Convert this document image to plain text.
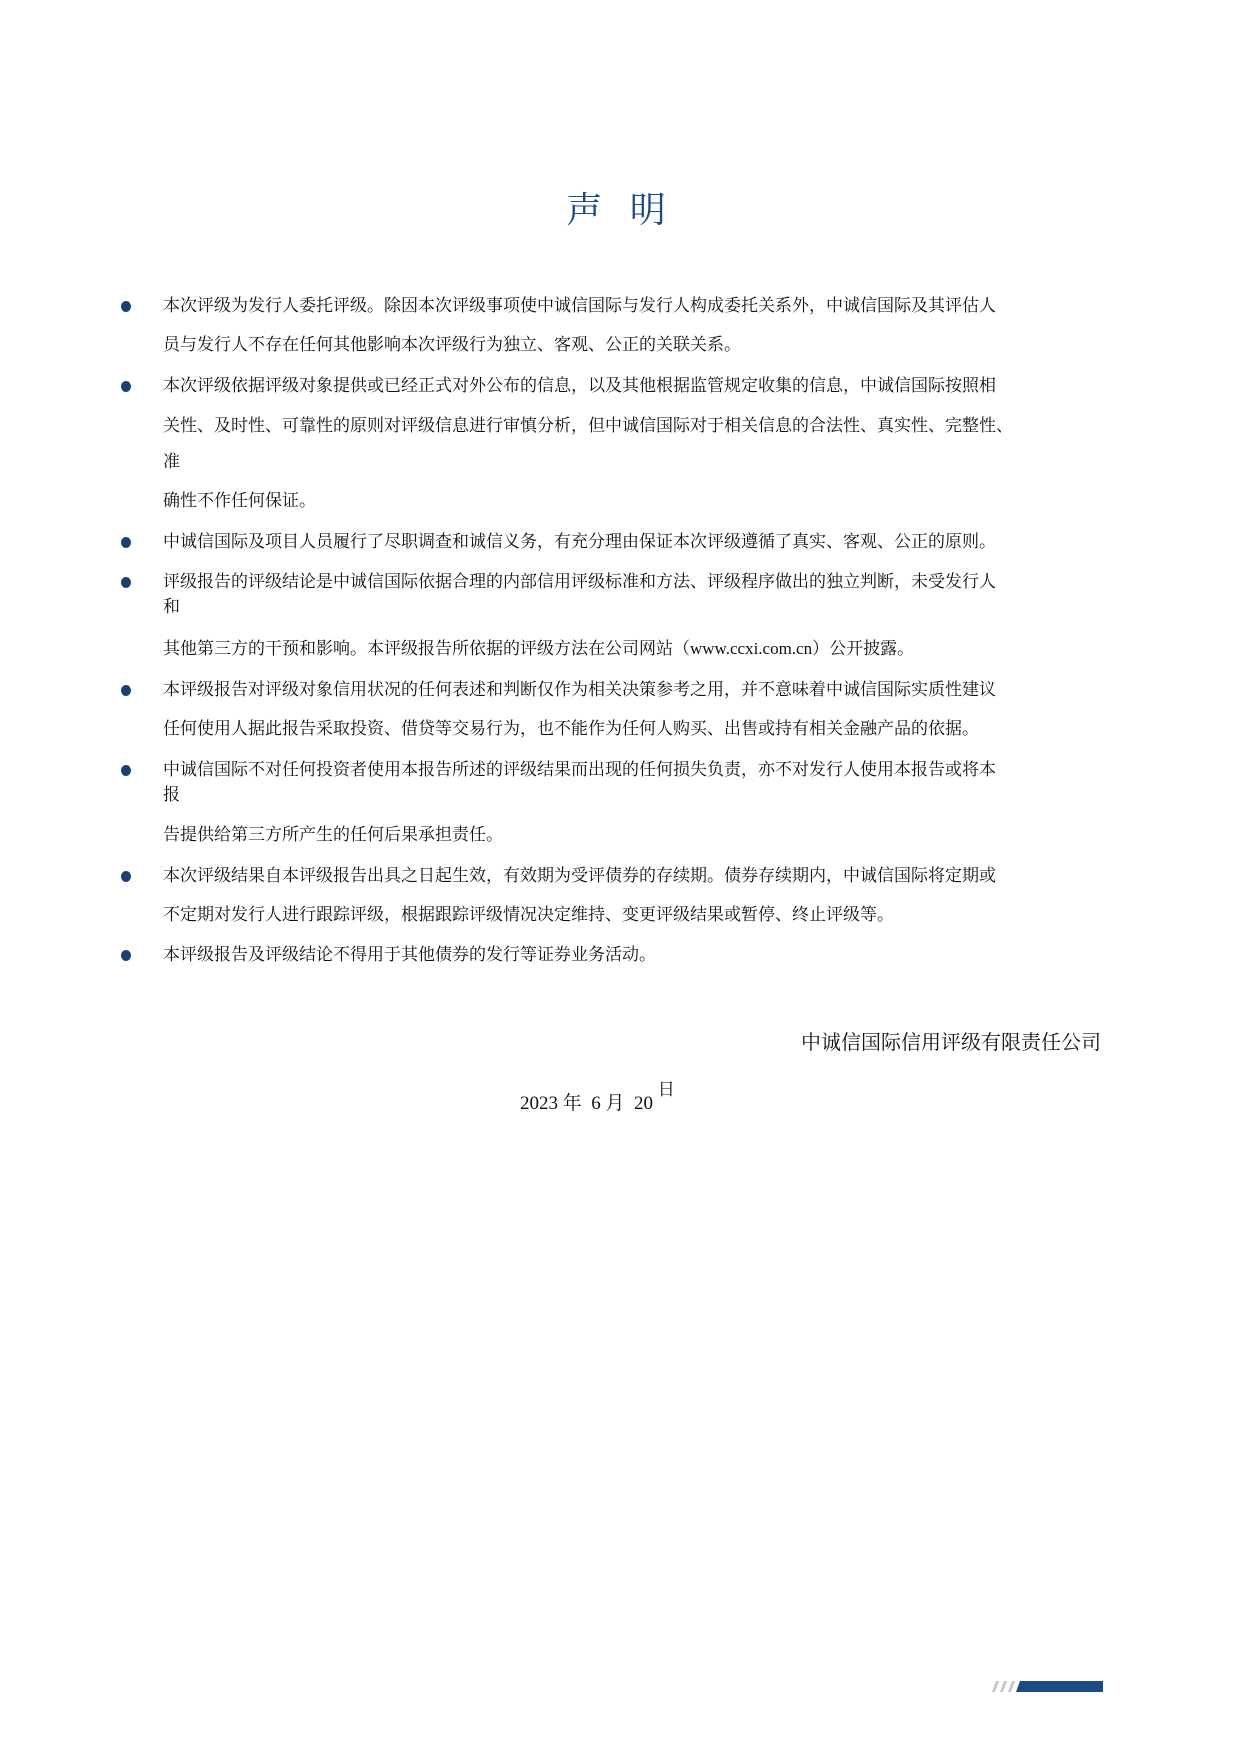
声 明
本次评级为发行人委托评级。除因本次评级事项使中诚信国际与发行人构成委托关系外，中诚信国际及其评估人
员与发行人不存在任何其他影响本次评级行为独立、客观、公正的关联关系。
本次评级依据评级对象提供或已经正式对外公布的信息，以及其他根据监管规定收集的信息，中诚信国际按照相
关性、及时性、可靠性的原则对评级信息进行审慎分析，但中诚信国际对于相关信息的合法性、真实性、完整性、
准
确性不作任何保证。
中诚信国际及项目人员履行了尽职调查和诚信义务，有充分理由保证本次评级遵循了真实、客观、公正的原则。
评级报告的评级结论是中诚信国际依据合理的内部信用评级标准和方法、评级程序做出的独立判断，未受发行人
和
其他第三方的干预和影响。本评级报告所依据的评级方法在公司网站（www.ccxi.com.cn）公开披露。
本评级报告对评级对象信用状况的任何表述和判断仅作为相关决策参考之用，并不意味着中诚信国际实质性建议
任何使用人据此报告采取投资、借贷等交易行为，也不能作为任何人购买、出售或持有相关金融产品的依据。
中诚信国际不对任何投资者使用本报告所述的评级结果而出现的任何损失负责，亦不对发行人使用本报告或将本
报
告提供给第三方所产生的任何后果承担责任。
本次评级结果自本评级报告出具之日起生效，有效期为受评债券的存续期。债券存续期内，中诚信国际将定期或
不定期对发行人进行跟踪评级，根据跟踪评级情况决定维持、变更评级结果或暂停、终止评级等。
本评级报告及评级结论不得用于其他债券的发行等证券业务活动。
中诚信国际信用评级有限责任公司
2023 年 6 月 20 日
